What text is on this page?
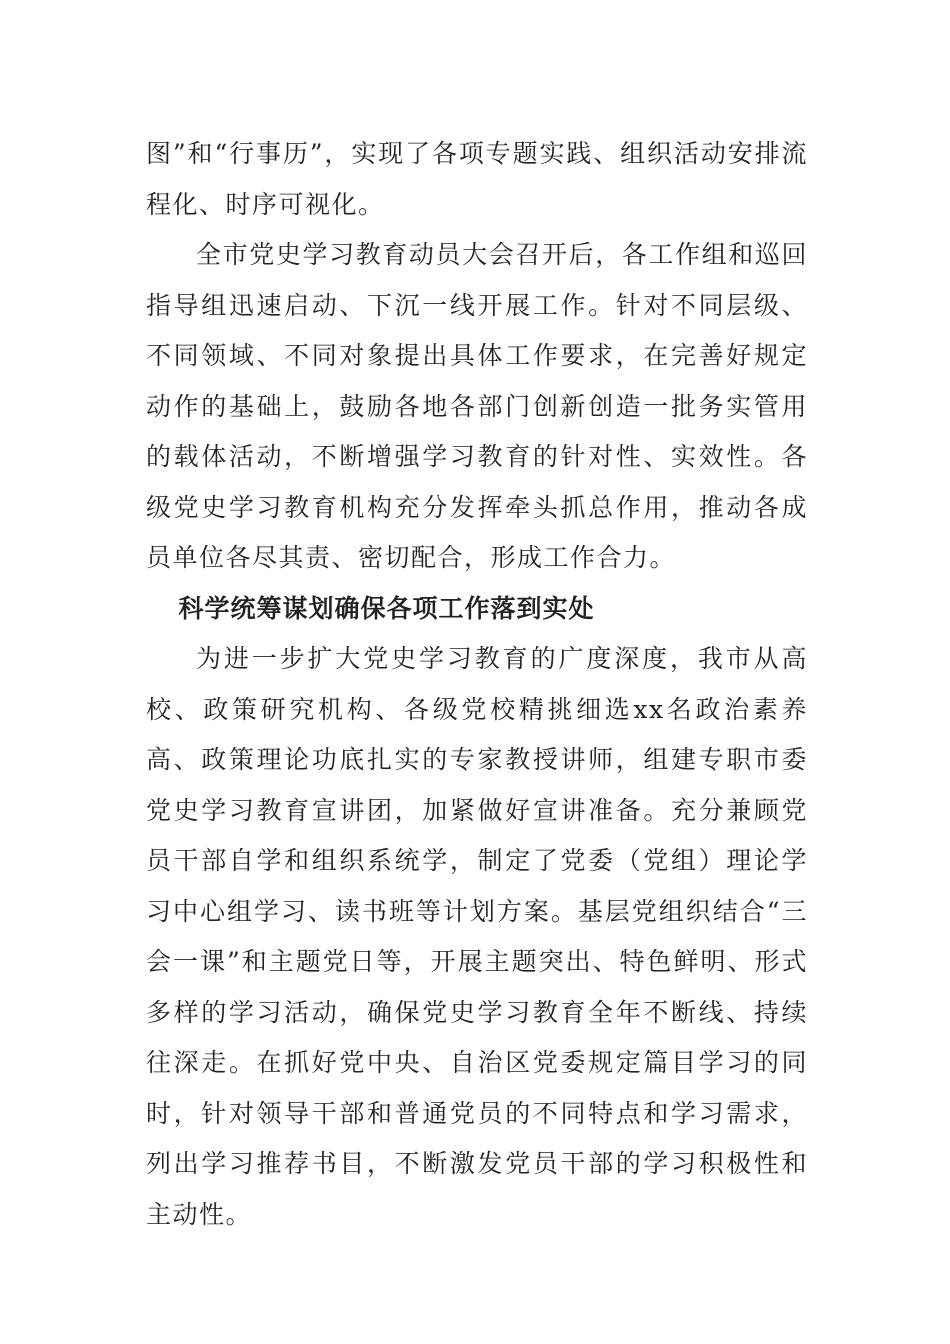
图”和“行事历”，实现了各项专题实践、组织活动安排流程化、时序可视化。

全市党史学习教育动员大会召开后，各工作组和巡回指导组迅速启动、下沉一线开展工作。针对不同层级、不同领域、不同对象提出具体工作要求，在完善好规定动作的基础上，鼓励各地各部门创新创造一批务实管用的载体活动，不断增强学习教育的针对性、实效性。各级党史学习教育机构充分发挥牵头抓总作用，推动各成员单位各尽其责、密切配合，形成工作合力。

科学统筹谋划确保各项工作落到实处

为进一步扩大党史学习教育的广度深度，我市从高校、政策研究机构、各级党校精挑细选xx名政治素养高、政策理论功底扎实的专家教授讲师，组建专职市委党史学习教育宣讲团，加紧做好宣讲准备。充分兼顾党员干部自学和组织系统学，制定了党委（党组）理论学习中心组学习、读书班等计划方案。基层党组织结合“三会一课”和主题党日等，开展主题突出、特色鲜明、形式多样的学习活动，确保党史学习教育全年不断线、持续往深走。在抓好党中央、自治区党委规定篇目学习的同时，针对领导干部和普通党员的不同特点和学习需求，列出学习推荐书目，不断激发党员干部的学习积极性和主动性。
